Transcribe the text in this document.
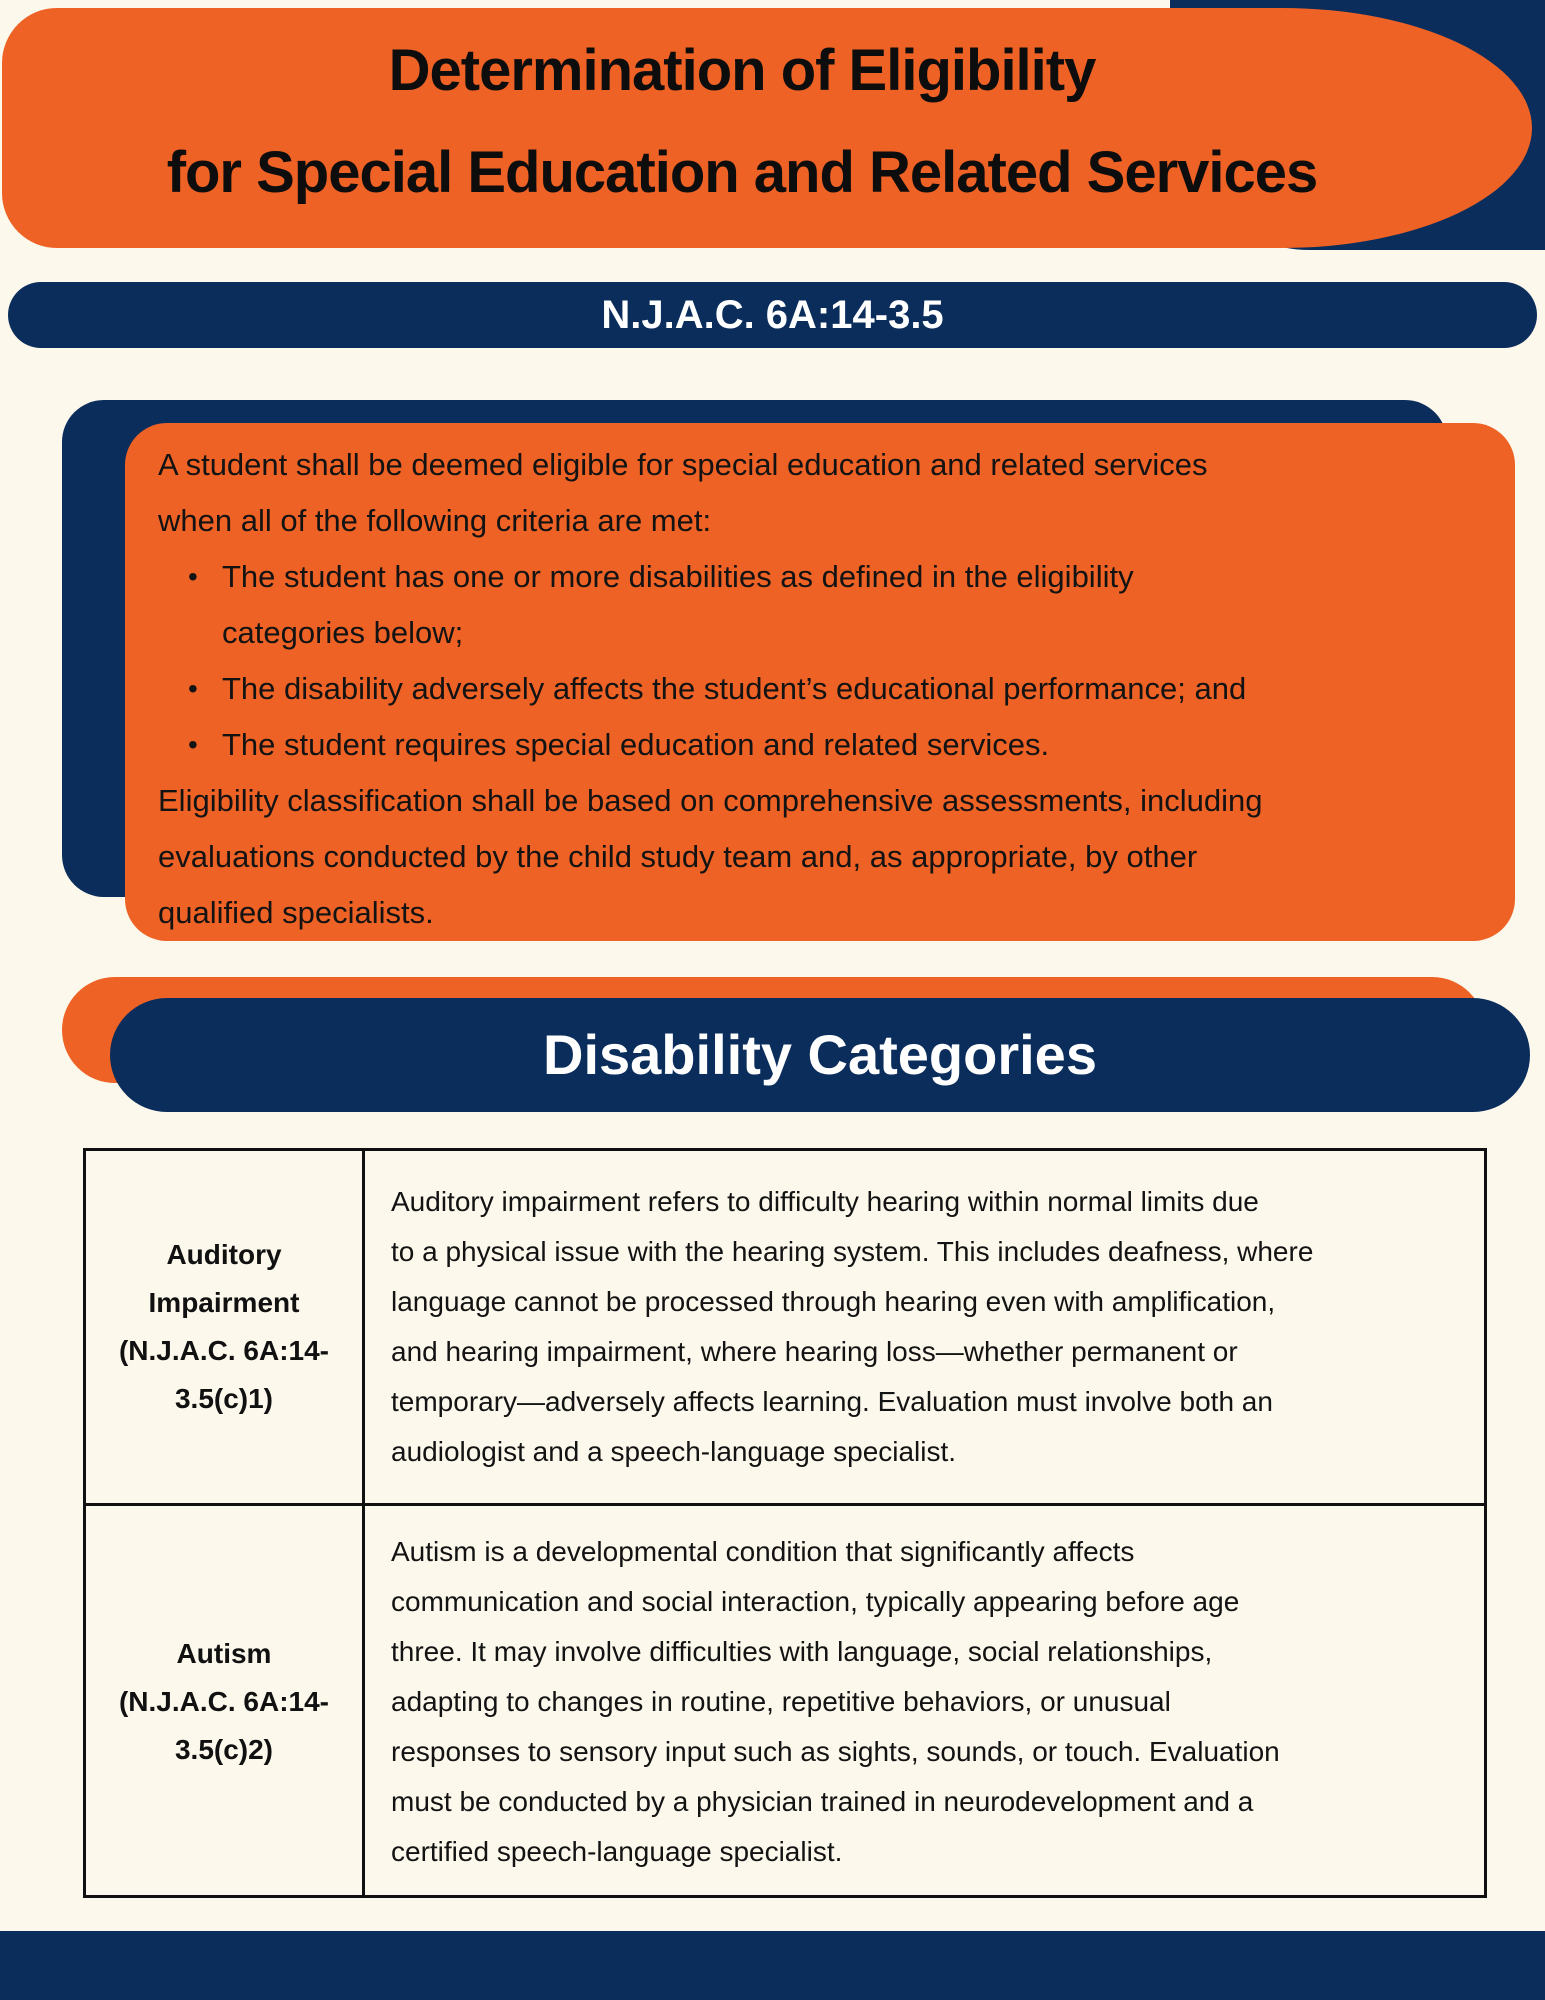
Determination of Eligibility
for Special Education and Related Services
N.J.A.C. 6A:14-3.5
A student shall be deemed eligible for special education and related services
when all of the following criteria are met:
• The student has one or more disabilities as defined in the eligibility
categories below;
• The disability adversely affects the student’s educational performance; and
• The student requires special education and related services.
Eligibility classification shall be based on comprehensive assessments, including
evaluations conducted by the child study team and, as appropriate, by other
qualified specialists.
Disability Categories
Auditory
Impairment
(N.J.A.C. 6A:14-
3.5(c)1)
Auditory impairment refers to difficulty hearing within normal limits due
to a physical issue with the hearing system. This includes deafness, where
language cannot be processed through hearing even with amplification,
and hearing impairment, where hearing loss—whether permanent or
temporary—adversely affects learning. Evaluation must involve both an
audiologist and a speech-language specialist.
Autism
(N.J.A.C. 6A:14-
3.5(c)2)
Autism is a developmental condition that significantly affects
communication and social interaction, typically appearing before age
three. It may involve difficulties with language, social relationships,
adapting to changes in routine, repetitive behaviors, or unusual
responses to sensory input such as sights, sounds, or touch. Evaluation
must be conducted by a physician trained in neurodevelopment and a
certified speech-language specialist.
